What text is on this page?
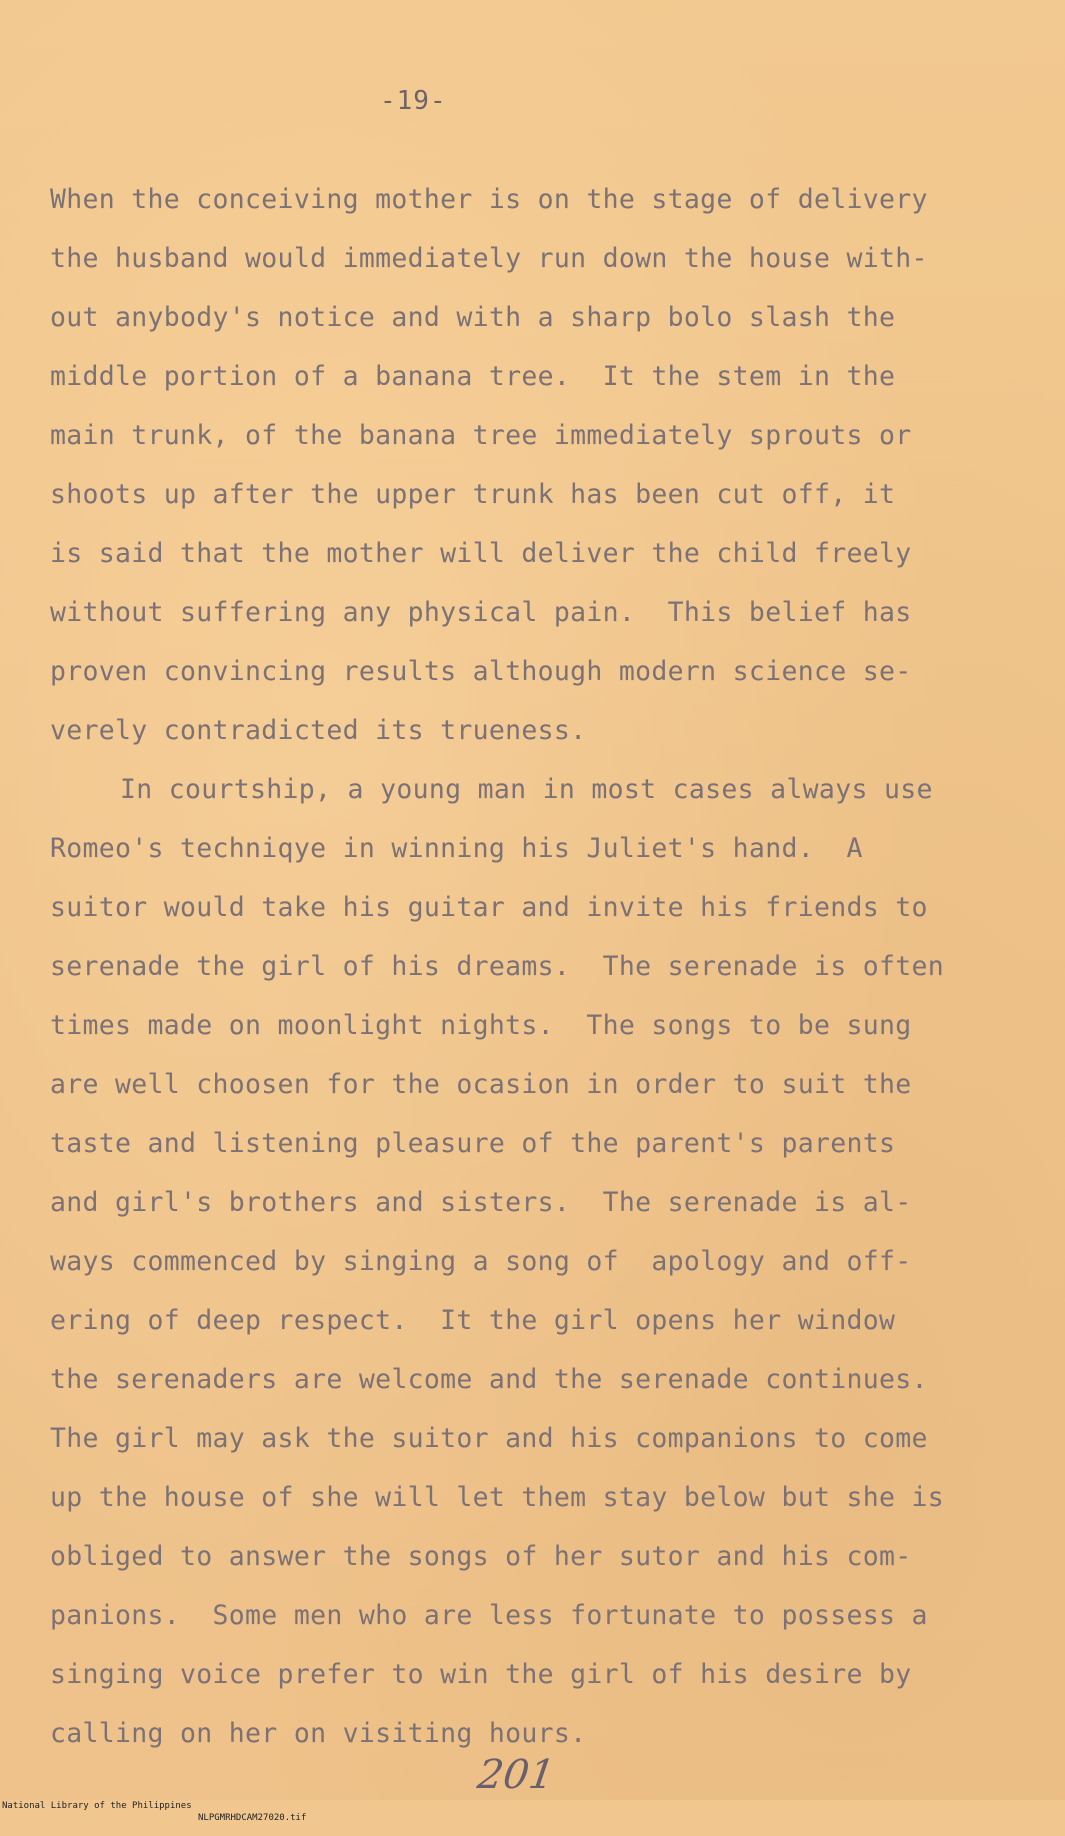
-19-
When the conceiving mother is on the stage of delivery
the husband would immediately run down the house with-
out anybody's notice and with a sharp bolo slash the
middle portion of a banana tree.  It the stem in the
main trunk, of the banana tree immediately sprouts or
shoots up after the upper trunk has been cut off, it
is said that the mother will deliver the child freely
without suffering any physical pain.  This belief has
proven convincing results although modern science se-
verely contradicted its trueness.
In courtship, a young man in most cases always use
Romeo's techniqye in winning his Juliet's hand.  A
suitor would take his guitar and invite his friends to
serenade the girl of his dreams.  The serenade is often
times made on moonlight nights.  The songs to be sung
are well choosen for the ocasion in order to suit the
taste and listening pleasure of the parent's parents
and girl's brothers and sisters.  The serenade is al-
ways commenced by singing a song of  apology and off-
ering of deep respect.  It the girl opens her window
the serenaders are welcome and the serenade continues.
The girl may ask the suitor and his companions to come
up the house of she will let them stay below but she is
obliged to answer the songs of her sutor and his com-
panions.  Some men who are less fortunate to possess a
singing voice prefer to win the girl of his desire by
calling on her on visiting hours.
201

National Library of the Philippines

NLPGMRHDCAM27020.tif
